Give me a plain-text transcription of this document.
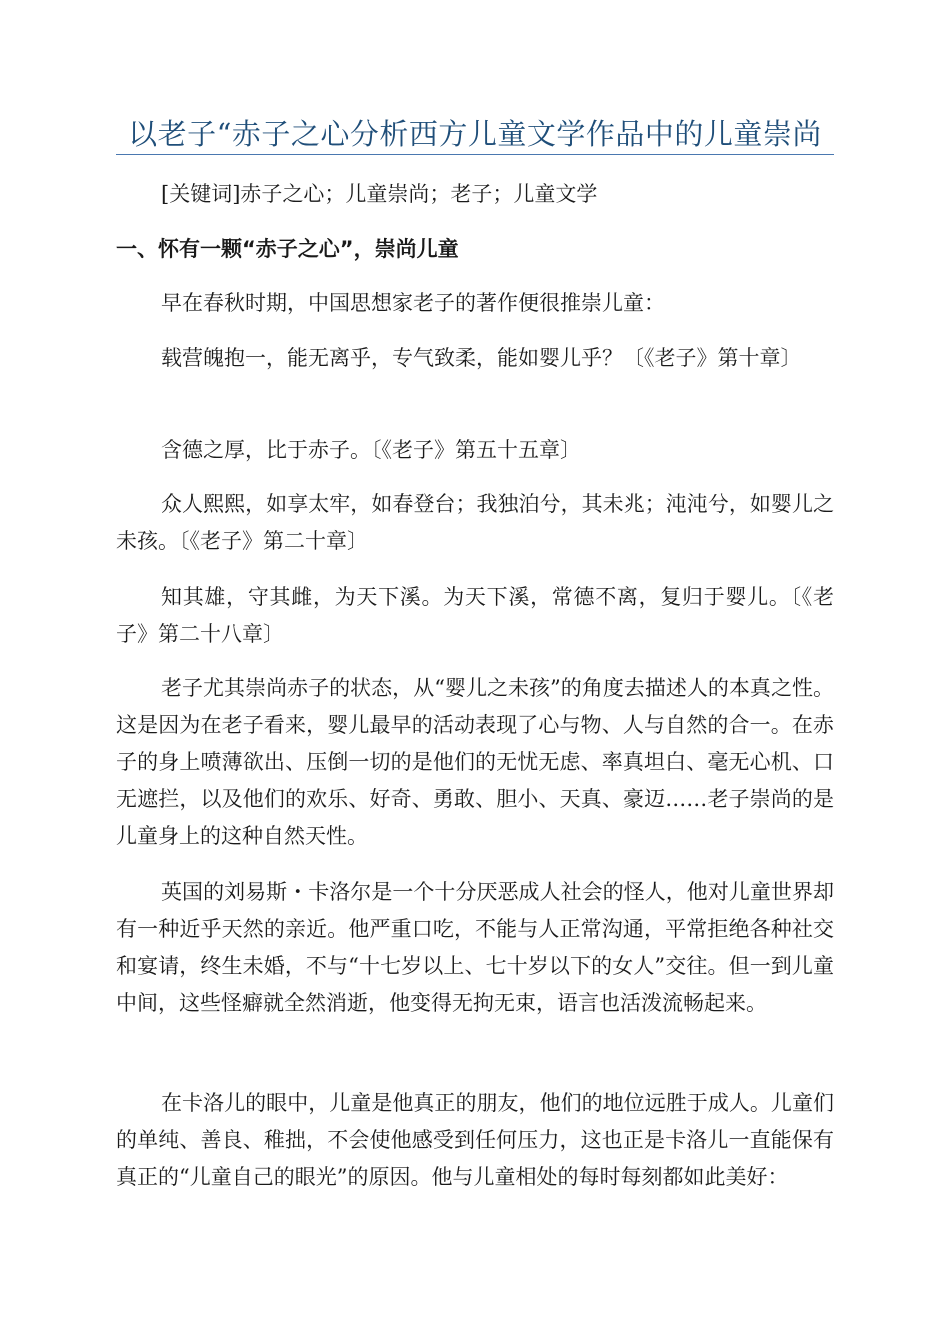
以老子“赤子之心分析西方儿童文学作品中的儿童崇尚
[关键词]赤子之心；儿童崇尚；老子；儿童文学
一、怀有一颗“赤子之心”，崇尚儿童

早在春秋时期，中国思想家老子的著作便很推崇儿童：

载营魄抱一，能无离乎，专气致柔，能如婴儿乎？〔《老子》第十章〕

含德之厚，比于赤子。〔《老子》第五十五章〕

众人熙熙，如享太牢，如春登台；我独泊兮，其未兆；沌沌兮，如婴儿之未孩。〔《老子》第二十章〕

知其雄，守其雌，为天下溪。为天下溪，常德不离，复归于婴儿。〔《老子》第二十八章〕

老子尤其崇尚赤子的状态，从“婴儿之未孩”的角度去描述人的本真之性。这是因为在老子看来，婴儿最早的活动表现了心与物、人与自然的合一。在赤子的身上喷薄欲出、压倒一切的是他们的无忧无虑、率真坦白、毫无心机、口无遮拦，以及他们的欢乐、好奇、勇敢、胆小、天真、豪迈……老子崇尚的是儿童身上的这种自然天性。

英国的刘易斯・卡洛尔是一个十分厌恶成人社会的怪人，他对儿童世界却有一种近乎天然的亲近。他严重口吃，不能与人正常沟通，平常拒绝各种社交和宴请，终生未婚，不与“十七岁以上、七十岁以下的女人”交往。但一到儿童中间，这些怪癖就全然消逝，他变得无拘无束，语言也活泼流畅起来。

在卡洛儿的眼中，儿童是他真正的朋友，他们的地位远胜于成人。儿童们的单纯、善良、稚拙，不会使他感受到任何压力，这也正是卡洛儿一直能保有真正的“儿童自己的眼光”的原因。他与儿童相处的每时每刻都如此美好：
